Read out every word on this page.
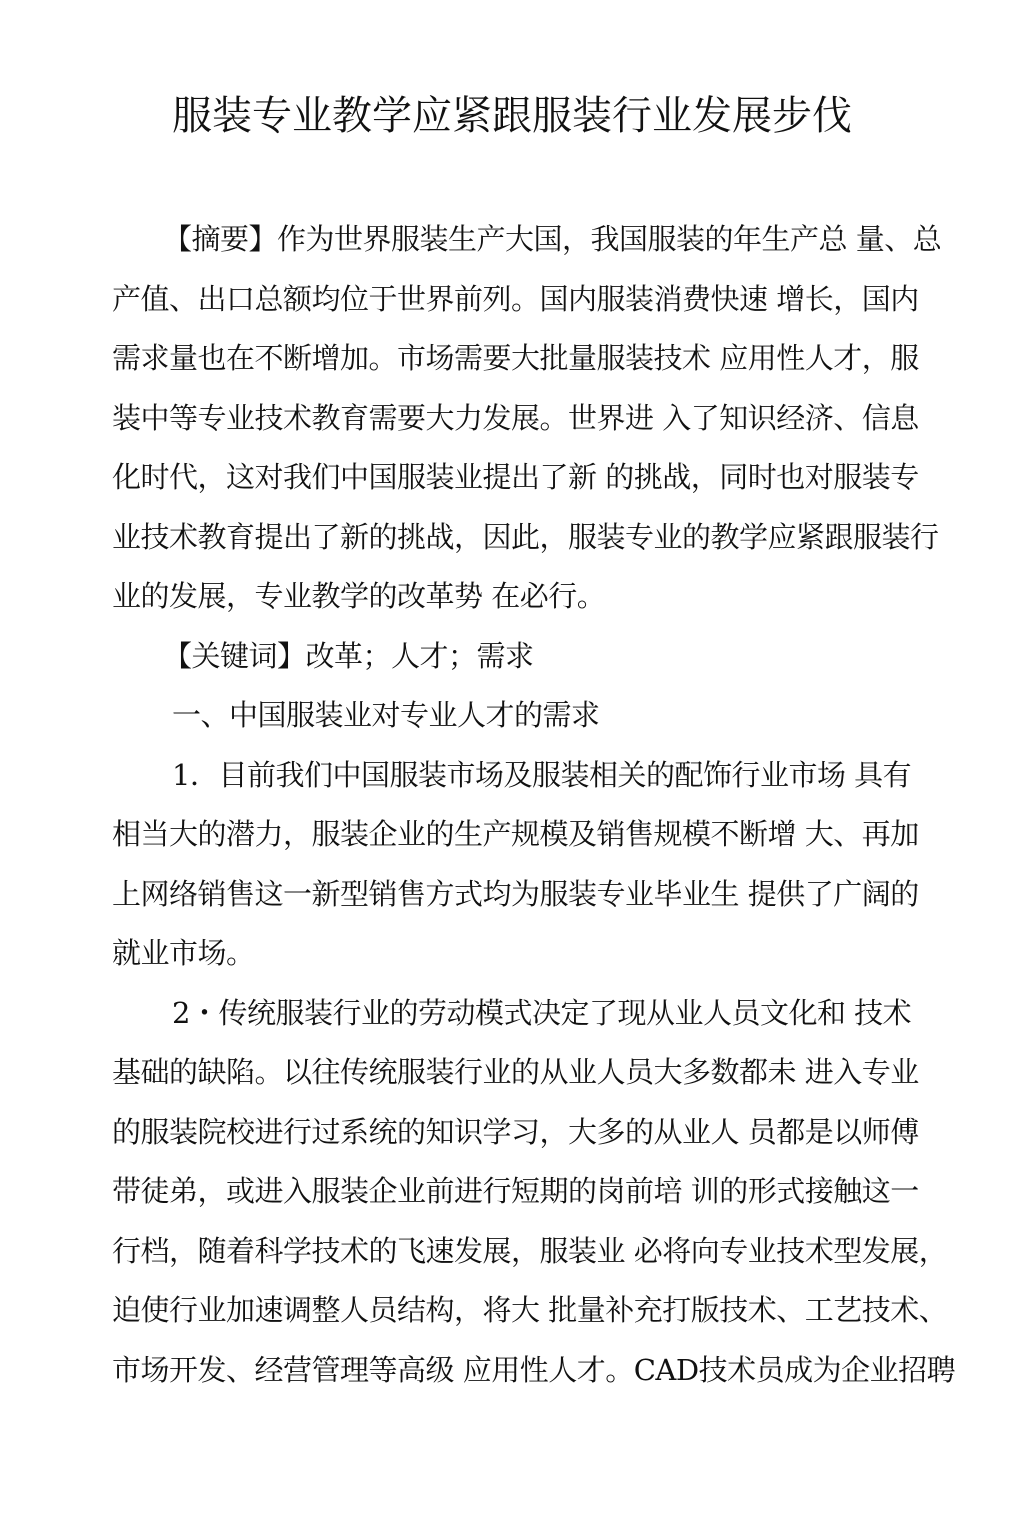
服装专业教学应紧跟服装行业发展步伐
【摘要】作为世界服装生产大国，我国服装的年生产总 量、总
产值、出口总额均位于世界前列。国内服装消费快速 增长，国内
需求量也在不断增加。市场需要大批量服装技术 应用性人才，服
装中等专业技术教育需要大力发展。世界进 入了知识经济、信息
化时代，这对我们中国服装业提出了新 的挑战，同时也对服装专
业技术教育提出了新的挑战，因此，服装专业的教学应紧跟服装行
业的发展，专业教学的改革势 在必行。
【关键词】改革；人才；需求
一、中国服装业对专业人才的需求
1．目前我们中国服装市场及服装相关的配饰行业市场 具有
相当大的潜力，服装企业的生产规模及销售规模不断增 大、再加
上网络销售这一新型销售方式均为服装专业毕业生 提供了广阔的
就业市场。
2・传统服装行业的劳动模式决定了现从业人员文化和 技术
基础的缺陷。以往传统服装行业的从业人员大多数都未 进入专业
的服装院校进行过系统的知识学习，大多的从业人 员都是以师傅
带徒弟，或进入服装企业前进行短期的岗前培 训的形式接触这一
行档，随着科学技术的飞速发展，服装业 必将向专业技术型发展，
迫使行业加速调整人员结构，将大 批量补充打版技术、工艺技术、
市场开发、经营管理等高级 应用性人才。CAD技术员成为企业招聘
